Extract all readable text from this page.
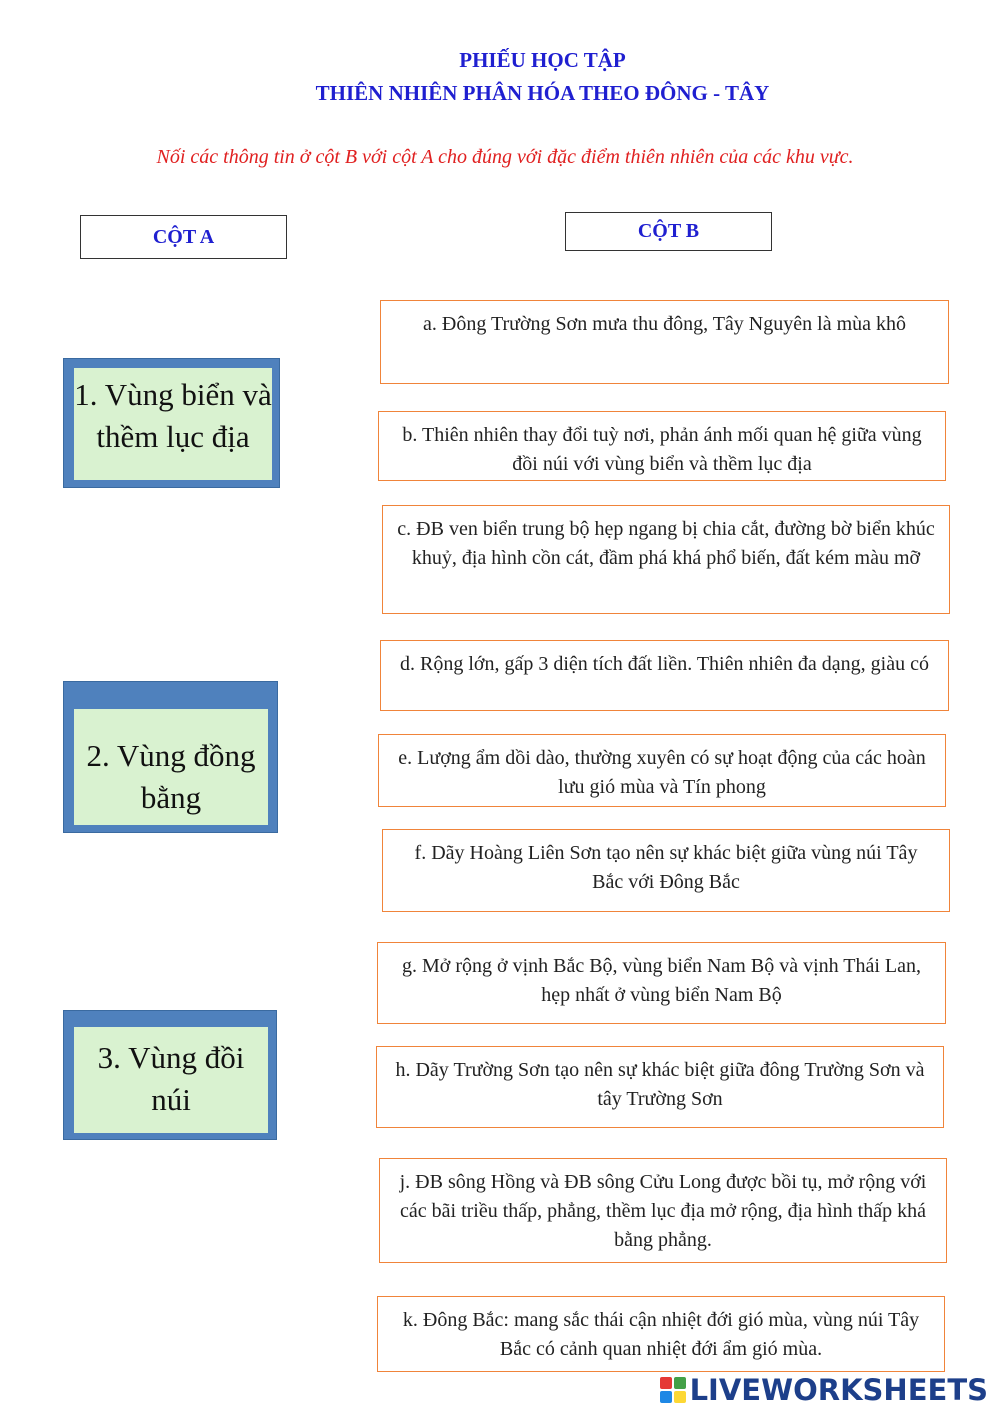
PHIẾU HỌC TẬP
THIÊN NHIÊN PHÂN HÓA THEO ĐÔNG - TÂY
Nối các thông tin ở cột B với cột A cho đúng với đặc điểm thiên nhiên của các khu vực.
CỘT A	CỘT B
1. Vùng biển và thềm lục địa
2. Vùng đồng bằng
3. Vùng đồi núi
a. Đông Trường Sơn mưa thu đông, Tây Nguyên là mùa khô
b. Thiên nhiên thay đổi tuỳ nơi, phản ánh mối quan hệ giữa vùng đồi núi với vùng biển và thềm lục địa
c. ĐB ven biển trung bộ hẹp ngang bị chia cắt, đường bờ biển khúc khuỷ, địa hình cồn cát, đầm phá khá phổ biến, đất kém màu mỡ
d. Rộng lớn, gấp 3 diện tích đất liền. Thiên nhiên đa dạng, giàu có
e. Lượng ẩm dồi dào, thường xuyên có sự hoạt động của các hoàn lưu gió mùa và Tín phong
f. Dãy Hoàng Liên Sơn tạo nên sự khác biệt giữa vùng núi Tây Bắc với Đông Bắc
g. Mở rộng ở vịnh Bắc Bộ, vùng biển Nam Bộ và vịnh Thái Lan, hẹp nhất ở vùng biển Nam Bộ
h. Dãy Trường Sơn tạo nên sự khác biệt giữa đông Trường Sơn và tây Trường Sơn
j. ĐB sông Hồng và ĐB sông Cửu Long được bồi tụ, mở rộng với các bãi triều thấp, phẳng, thềm lục địa mở rộng, địa hình thấp khá bằng phẳng.
k. Đông Bắc: mang sắc thái cận nhiệt đới gió mùa, vùng núi Tây Bắc có cảnh quan nhiệt đới ẩm gió mùa.
LIVEWORKSHEETS
